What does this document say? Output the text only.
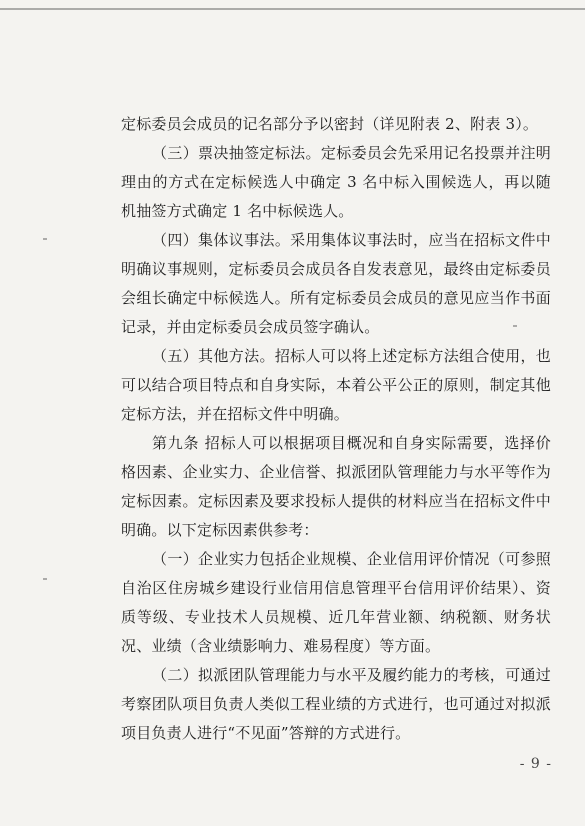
定标委员会成员的记名部分予以密封（详见附表 2、附表 3）。

（三）票决抽签定标法。定标委员会先采用记名投票并注明理由的方式在定标候选人中确定 3 名中标入围候选人，再以随机抽签方式确定 1 名中标候选人。

（四）集体议事法。采用集体议事法时，应当在招标文件中明确议事规则，定标委员会成员各自发表意见，最终由定标委员会组长确定中标候选人。所有定标委员会成员的意见应当作书面记录，并由定标委员会成员签字确认。

（五）其他方法。招标人可以将上述定标方法组合使用，也可以结合项目特点和自身实际，本着公平公正的原则，制定其他定标方法，并在招标文件中明确。

第九条 招标人可以根据项目概况和自身实际需要，选择价格因素、企业实力、企业信誉、拟派团队管理能力与水平等作为定标因素。定标因素及要求投标人提供的材料应当在招标文件中明确。以下定标因素供参考：

（一）企业实力包括企业规模、企业信用评价情况（可参照自治区住房城乡建设行业信用信息管理平台信用评价结果）、资质等级、专业技术人员规模、近几年营业额、纳税额、财务状况、业绩（含业绩影响力、难易程度）等方面。

（二）拟派团队管理能力与水平及履约能力的考核，可通过考察团队项目负责人类似工程业绩的方式进行，也可通过对拟派项目负责人进行“不见面”答辩的方式进行。

- 9 -
